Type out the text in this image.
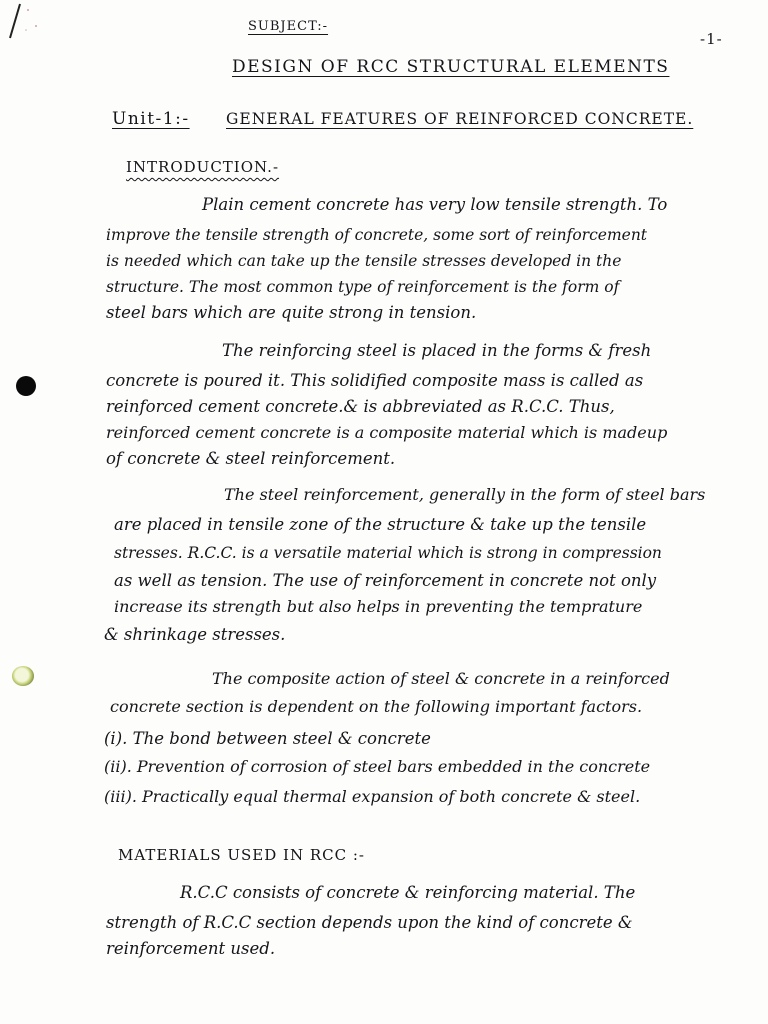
SUBJECT:-
-1-
DESIGN OF RCC STRUCTURAL ELEMENTS
Unit-1:- GENERAL FEATURES OF REINFORCED CONCRETE.
INTRODUCTION.-
Plain cement concrete has very low tensile strength. To
improve the tensile strength of concrete, some sort of reinforcement
is needed which can take up the tensile stresses developed in the
structure. The most common type of reinforcement is the form of
steel bars which are quite strong in tension.
The reinforcing steel is placed in the forms & fresh
concrete is poured it. This solidified composite mass is called as
reinforced cement concrete.& is abbreviated as R.C.C. Thus,
reinforced cement concrete is a composite material which is madeup
of concrete & steel reinforcement.
The steel reinforcement, generally in the form of steel bars
are placed in tensile zone of the structure & take up the tensile
stresses. R.C.C. is a versatile material which is strong in compression
as well as tension. The use of reinforcement in concrete not only
increase its strength but also helps in preventing the temprature
& shrinkage stresses.
The composite action of steel & concrete in a reinforced
concrete section is dependent on the following important factors.
(i). The bond between steel & concrete
(ii). Prevention of corrosion of steel bars embedded in the concrete
(iii). Practically equal thermal expansion of both concrete & steel.
MATERIALS USED IN RCC :-
R.C.C consists of concrete & reinforcing material. The
strength of R.C.C section depends upon the kind of concrete &
reinforcement used.
